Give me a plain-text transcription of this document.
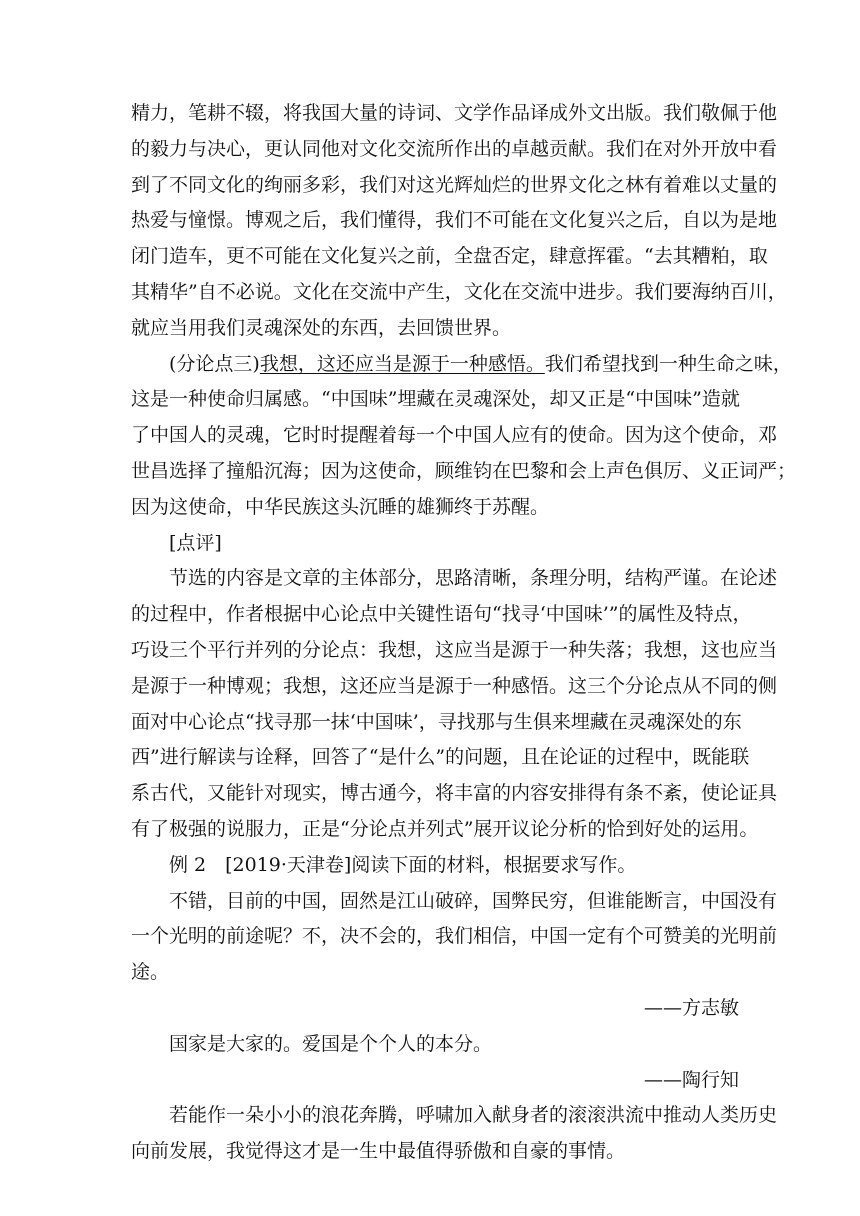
精力，笔耕不辍，将我国大量的诗词、文学作品译成外文出版。我们敬佩于他
的毅力与决心，更认同他对文化交流所作出的卓越贡献。我们在对外开放中看
到了不同文化的绚丽多彩，我们对这光辉灿烂的世界文化之林有着难以丈量的
热爱与憧憬。博观之后，我们懂得，我们不可能在文化复兴之后，自以为是地
闭门造车，更不可能在文化复兴之前，全盘否定，肆意挥霍。“去其糟粕，取
其精华”自不必说。文化在交流中产生，文化在交流中进步。我们要海纳百川，
就应当用我们灵魂深处的东西，去回馈世界。
(分论点三)我想，这还应当是源于一种感悟。我们希望找到一种生命之味，
这是一种使命归属感。“中国味”埋藏在灵魂深处，却又正是“中国味”造就
了中国人的灵魂，它时时提醒着每一个中国人应有的使命。因为这个使命，邓
世昌选择了撞船沉海；因为这使命，顾维钧在巴黎和会上声色俱厉、义正词严；
因为这使命，中华民族这头沉睡的雄狮终于苏醒。
[点评]
节选的内容是文章的主体部分，思路清晰，条理分明，结构严谨。在论述
的过程中，作者根据中心论点中关键性语句“找寻‘中国味’”的属性及特点，
巧设三个平行并列的分论点：我想，这应当是源于一种失落；我想，这也应当
是源于一种博观；我想，这还应当是源于一种感悟。这三个分论点从不同的侧
面对中心论点“找寻那一抹‘中国味’，寻找那与生俱来埋藏在灵魂深处的东
西”进行解读与诠释，回答了“是什么”的问题，且在论证的过程中，既能联
系古代，又能针对现实，博古通今，将丰富的内容安排得有条不紊，使论证具
有了极强的说服力，正是“分论点并列式”展开议论分析的恰到好处的运用。
例 2　[2019·天津卷]阅读下面的材料，根据要求写作。
不错，目前的中国，固然是江山破碎，国弊民穷，但谁能断言，中国没有
一个光明的前途呢？不，决不会的，我们相信，中国一定有个可赞美的光明前
途。
——方志敏
国家是大家的。爱国是个个人的本分。
——陶行知
若能作一朵小小的浪花奔腾，呼啸加入献身者的滚滚洪流中推动人类历史
向前发展，我觉得这才是一生中最值得骄傲和自豪的事情。
